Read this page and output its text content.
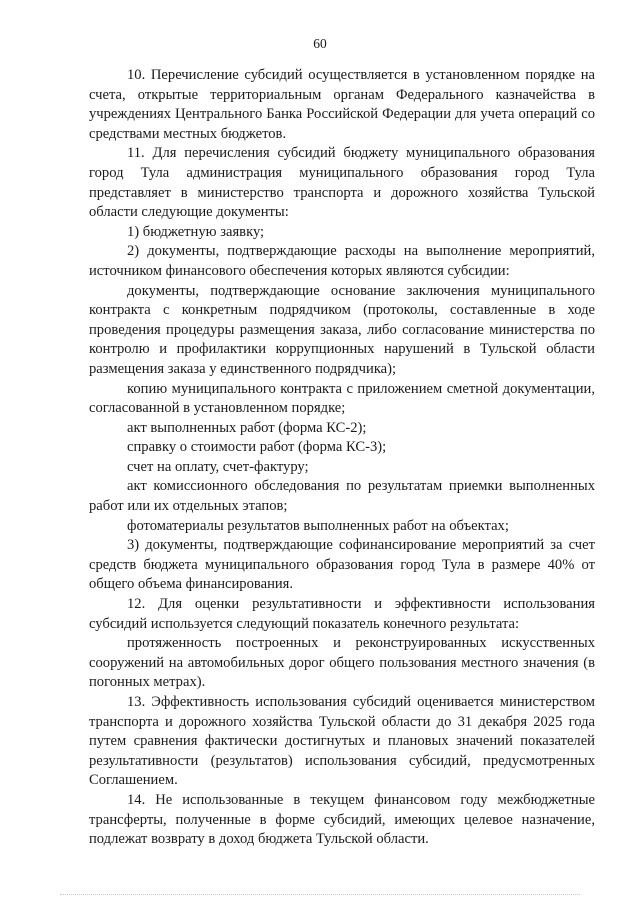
60

10. Перечисление субсидий осуществляется в установленном порядке на счета, открытые территориальным органам Федерального казначейства в учреждениях Центрального Банка Российской Федерации для учета операций со средствами местных бюджетов.

11. Для перечисления субсидий бюджету муниципального образования город Тула администрация муниципального образования город Тула представляет в министерство транспорта и дорожного хозяйства Тульской области следующие документы:

1) бюджетную заявку;

2) документы, подтверждающие расходы на выполнение мероприятий, источником финансового обеспечения которых являются субсидии:

документы, подтверждающие основание заключения муниципального контракта с конкретным подрядчиком (протоколы, составленные в ходе проведения процедуры размещения заказа, либо согласование министерства по контролю и профилактики коррупционных нарушений в Тульской области размещения заказа у единственного подрядчика);

копию муниципального контракта с приложением сметной документации, согласованной в установленном порядке;

акт выполненных работ (форма КС-2);

справку о стоимости работ (форма КС-3);

счет на оплату, счет-фактуру;

акт комиссионного обследования по результатам приемки выполненных работ или их отдельных этапов;

фотоматериалы результатов выполненных работ на объектах;

3) документы, подтверждающие софинансирование мероприятий за счет средств бюджета муниципального образования город Тула в размере 40% от общего объема финансирования.

12. Для оценки результативности и эффективности использования субсидий используется следующий показатель конечного результата:

протяженность построенных и реконструированных искусственных сооружений на автомобильных дорог общего пользования местного значения (в погонных метрах).

13. Эффективность использования субсидий оценивается министерством транспорта и дорожного хозяйства Тульской области до 31 декабря 2025 года путем сравнения фактически достигнутых и плановых значений показателей результативности (результатов) использования субсидий, предусмотренных Соглашением.

14. Не использованные в текущем финансовом году межбюджетные трансферты, полученные в форме субсидий, имеющих целевое назначение, подлежат возврату в доход бюджета Тульской области.
